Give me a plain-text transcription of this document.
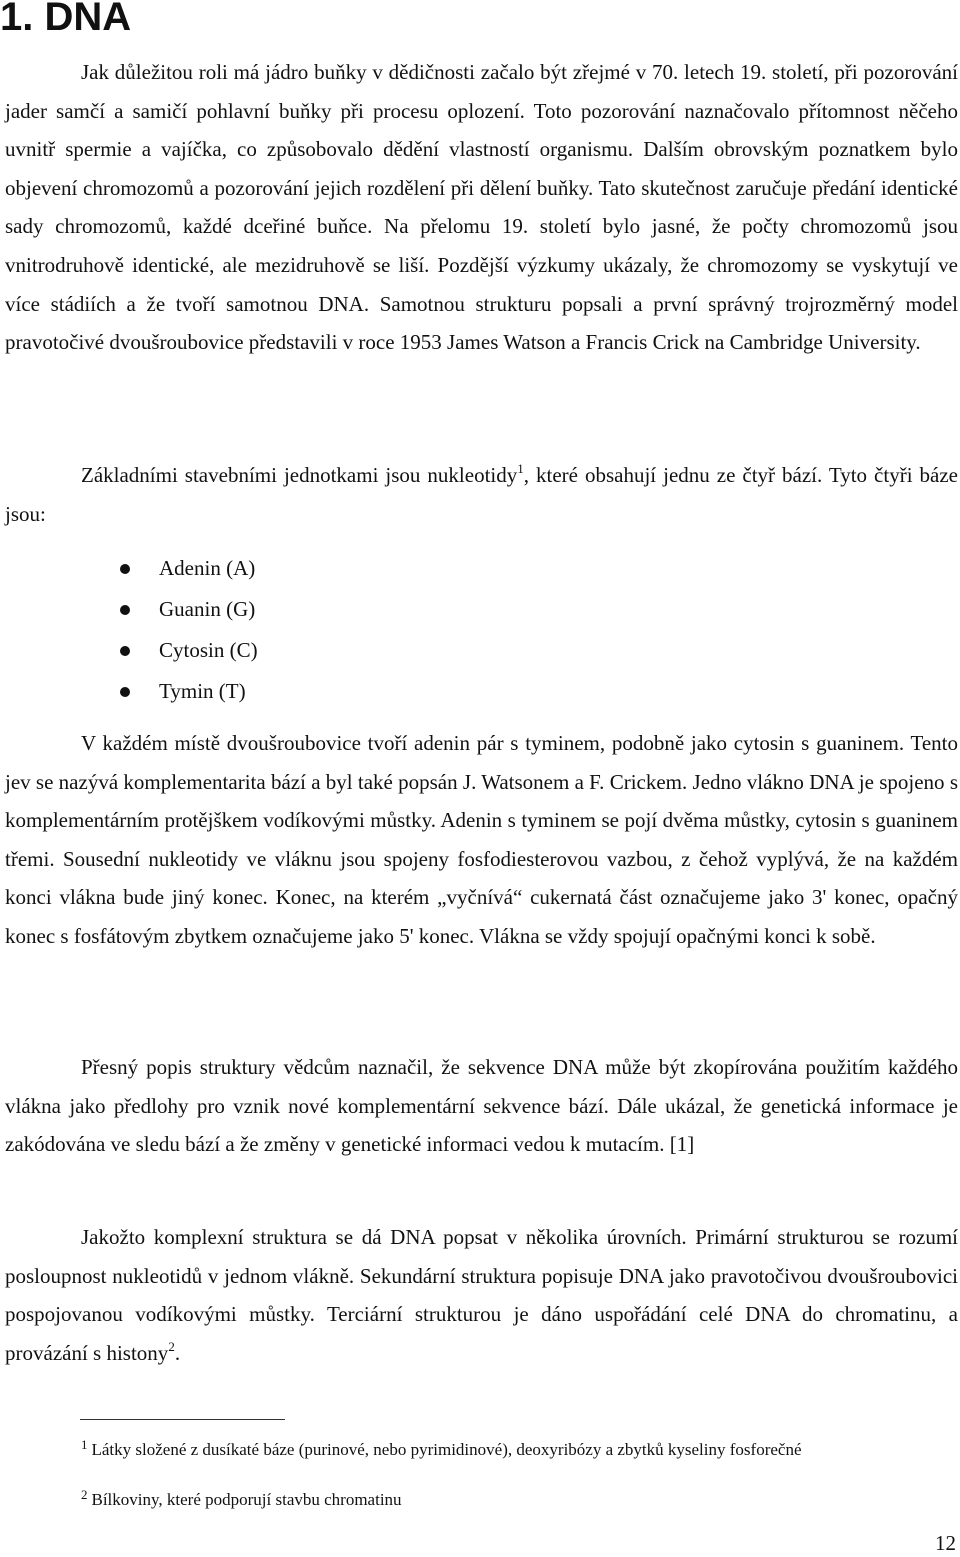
1. DNA

Jak důležitou roli má jádro buňky v dědičnosti začalo být zřejmé v 70. letech 19. století, při pozorování jader samčí a samičí pohlavní buňky při procesu oplození. Toto pozorování naznačovalo přítomnost něčeho uvnitř spermie a vajíčka, co způsobovalo dědění vlastností organismu. Dalším obrovským poznatkem bylo objevení chromozomů a pozorování jejich rozdělení při dělení buňky. Tato skutečnost zaručuje předání identické sady chromozomů, každé dceřiné buňce. Na přelomu 19. století bylo jasné, že počty chromozomů jsou vnitrodruhově identické, ale mezidruhově se liší. Pozdější výzkumy ukázaly, že chromozomy se vyskytují ve více stádiích a že tvoří samotnou DNA. Samotnou strukturu popsali a první správný trojrozměrný model pravotočivé dvoušroubovice představili v roce 1953 James Watson a Francis Crick na Cambridge University.

Základními stavebními jednotkami jsou nukleotidy$^1$, které obsahují jednu ze čtyř bází. Tyto čtyři báze jsou:

Adenin (A)
Guanin (G)
Cytosin (C)
Tymin (T)

V každém místě dvoušroubovice tvoří adenin pár s tyminem, podobně jako cytosin s guaninem. Tento jev se nazývá komplementarita bází a byl také popsán J. Watsonem a F. Crickem. Jedno vlákno DNA je spojeno s komplementárním protějškem vodíkovými můstky. Adenin s tyminem se pojí dvěma můstky, cytosin s guaninem třemi. Sousední nukleotidy ve vláknu jsou spojeny fosfodiesterovou vazbou, z čehož vyplývá, že na každém konci vlákna bude jiný konec. Konec, na kterém „vyčnívá“ cukernatá část označujeme jako 3' konec, opačný konec s fosfátovým zbytkem označujeme jako 5' konec. Vlákna se vždy spojují opačnými konci k sobě.

Přesný popis struktury vědcům naznačil, že sekvence DNA může být zkopírována použitím každého vlákna jako předlohy pro vznik nové komplementární sekvence bází. Dále ukázal, že genetická informace je zakódována ve sledu bází a že změny v genetické informaci vedou k mutacím. [1]

Jakožto komplexní struktura se dá DNA popsat v několika úrovních. Primární strukturou se rozumí posloupnost nukleotidů v jednom vlákně. Sekundární struktura popisuje DNA jako pravotočivou dvoušroubovici pospojovanou vodíkovými můstky. Terciární strukturou je dáno uspořádání celé DNA do chromatinu, a provázání s histony$^2$.

$^1$ Látky složené z dusíkaté báze (purinové, nebo pyrimidinové), deoxyribózy a zbytků kyseliny fosforečné

$^2$ Bílkoviny, které podporují stavbu chromatinu

12
